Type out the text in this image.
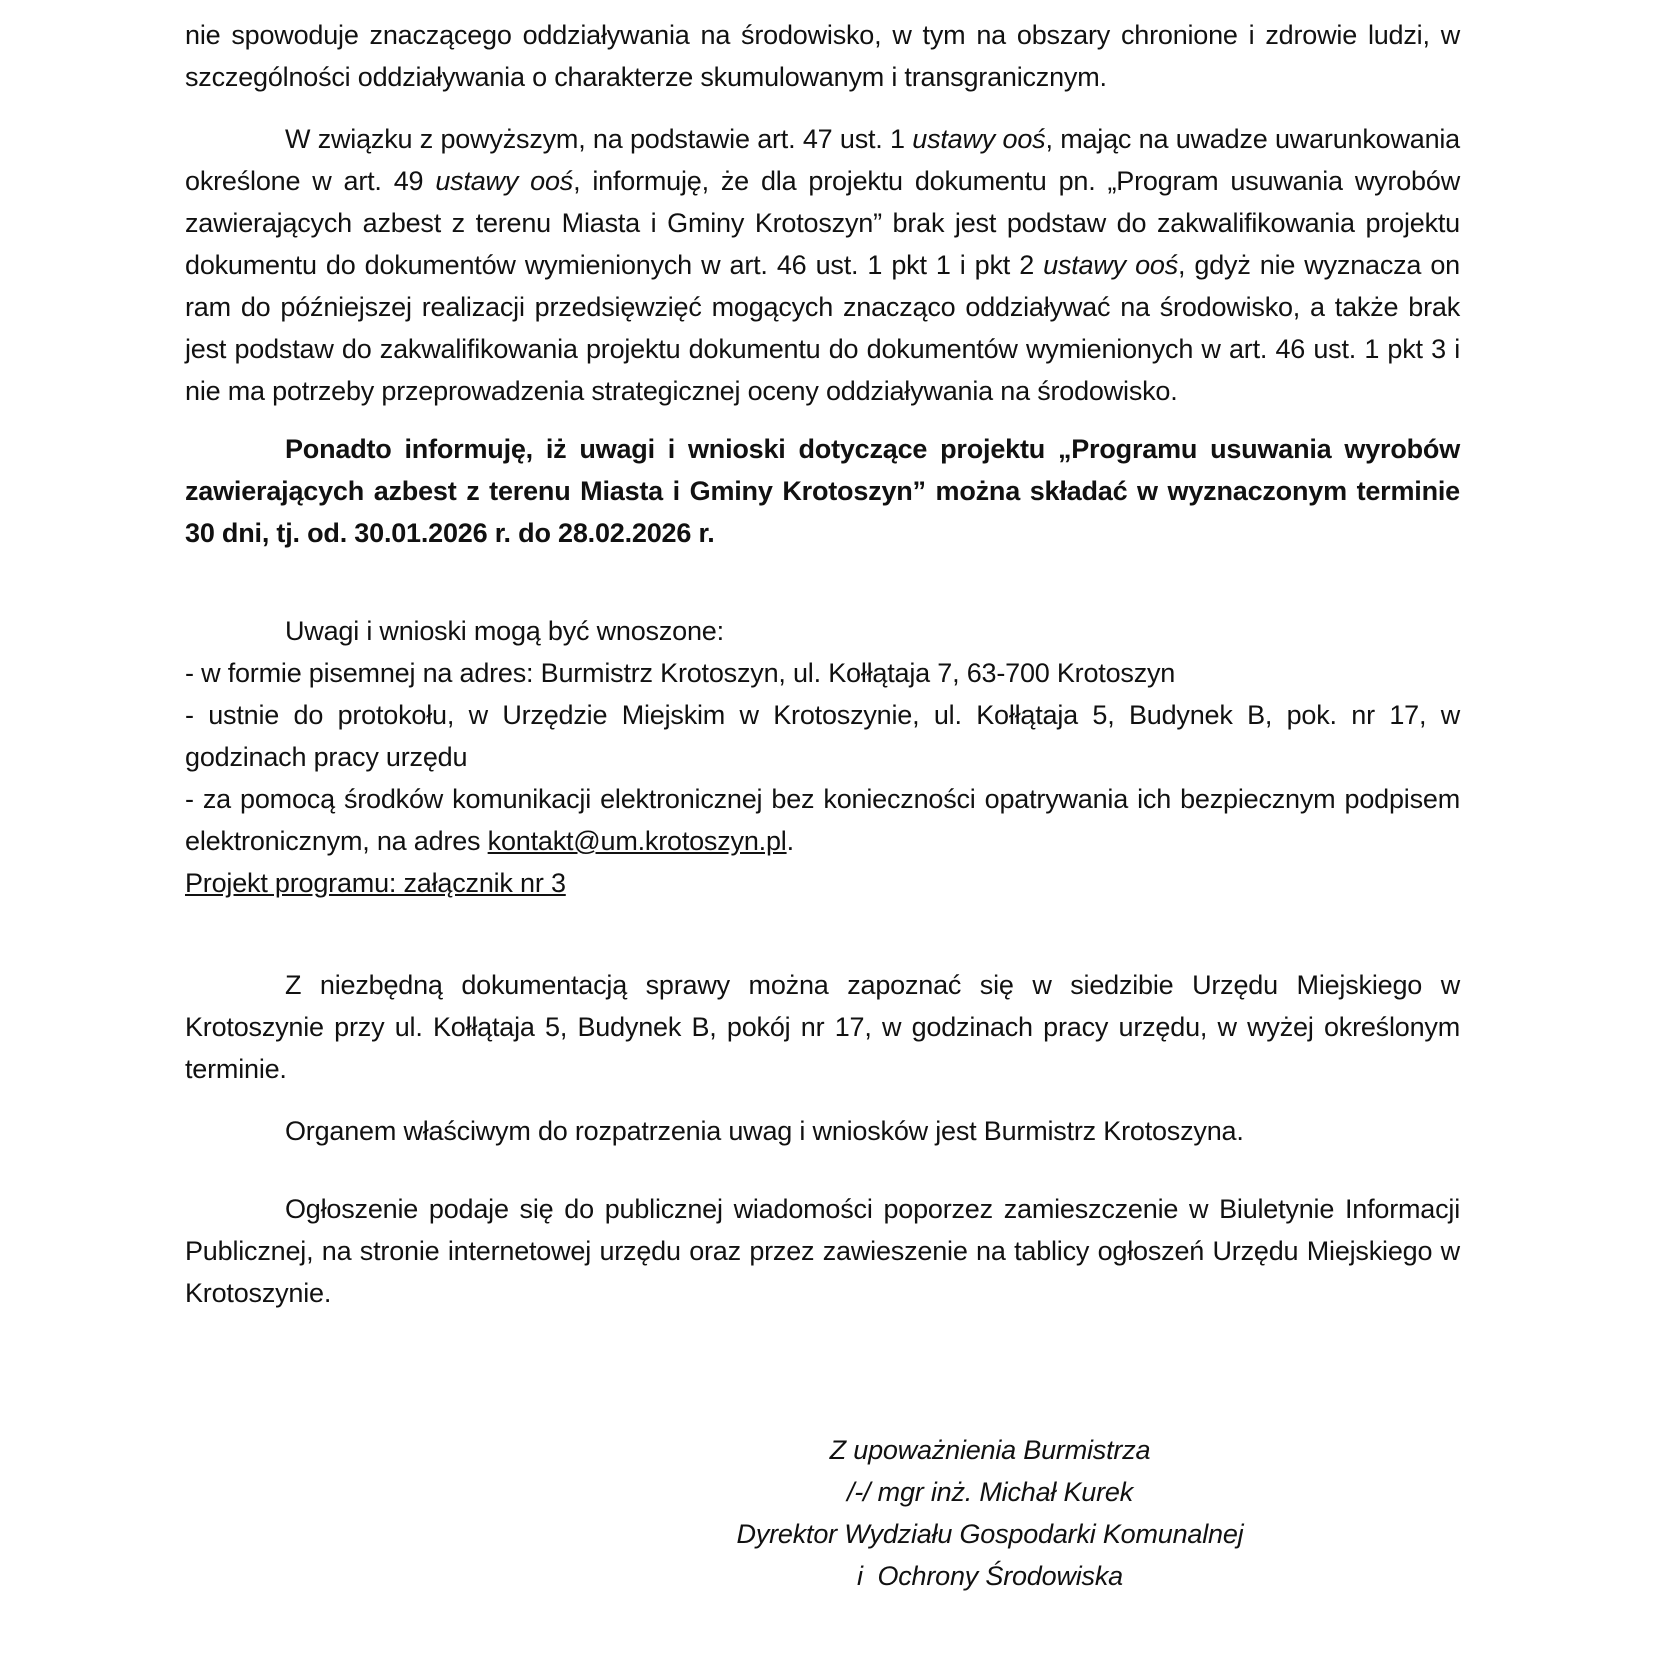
nie spowoduje znaczącego oddziaływania na środowisko, w tym na obszary chronione i zdrowie ludzi, w szczególności oddziaływania o charakterze skumulowanym i transgranicznym.

W związku z powyższym, na podstawie art. 47 ust. 1 ustawy ooś, mając na uwadze uwarunkowania określone w art. 49 ustawy ooś, informuję, że dla projektu dokumentu pn. „Program usuwania wyrobów zawierających azbest z terenu Miasta i Gminy Krotoszyn” brak jest podstaw do zakwalifikowania projektu dokumentu do dokumentów wymienionych w art. 46 ust. 1 pkt 1 i pkt 2 ustawy ooś, gdyż nie wyznacza on ram do późniejszej realizacji przedsięwzięć mogących znacząco oddziaływać na środowisko, a także brak jest podstaw do zakwalifikowania projektu dokumentu do dokumentów wymienionych w art. 46 ust. 1 pkt 3 i nie ma potrzeby przeprowadzenia strategicznej oceny oddziaływania na środowisko.

Ponadto informuję, iż uwagi i wnioski dotyczące projektu „Programu usuwania wyrobów zawierających azbest z terenu Miasta i Gminy Krotoszyn” można składać w wyznaczonym terminie 30 dni, tj. od. 30.01.2026 r. do 28.02.2026 r.

Uwagi i wnioski mogą być wnoszone:

- w formie pisemnej na adres: Burmistrz Krotoszyn, ul. Kołłątaja 7, 63-700 Krotoszyn

- ustnie do protokołu, w Urzędzie Miejskim w Krotoszynie, ul. Kołłątaja 5, Budynek B, pok. nr 17, w godzinach pracy urzędu

- za pomocą środków komunikacji elektronicznej bez konieczności opatrywania ich bezpiecznym podpisem elektronicznym, na adres kontakt@um.krotoszyn.pl.

Projekt programu: załącznik nr 3

Z niezbędną dokumentacją sprawy można zapoznać się w siedzibie Urzędu Miejskiego w Krotoszynie przy ul. Kołłątaja 5, Budynek B, pokój nr 17, w godzinach pracy urzędu, w wyżej określonym terminie.

Organem właściwym do rozpatrzenia uwag i wniosków jest Burmistrz Krotoszyna.

Ogłoszenie podaje się do publicznej wiadomości poporzez zamieszczenie w Biuletynie Informacji Publicznej, na stronie internetowej urzędu oraz przez zawieszenie na tablicy ogłoszeń Urzędu Miejskiego w Krotoszynie.

Z upoważnienia Burmistrza
/-/ mgr inż. Michał Kurek
Dyrektor Wydziału Gospodarki Komunalnej
i  Ochrony Środowiska
